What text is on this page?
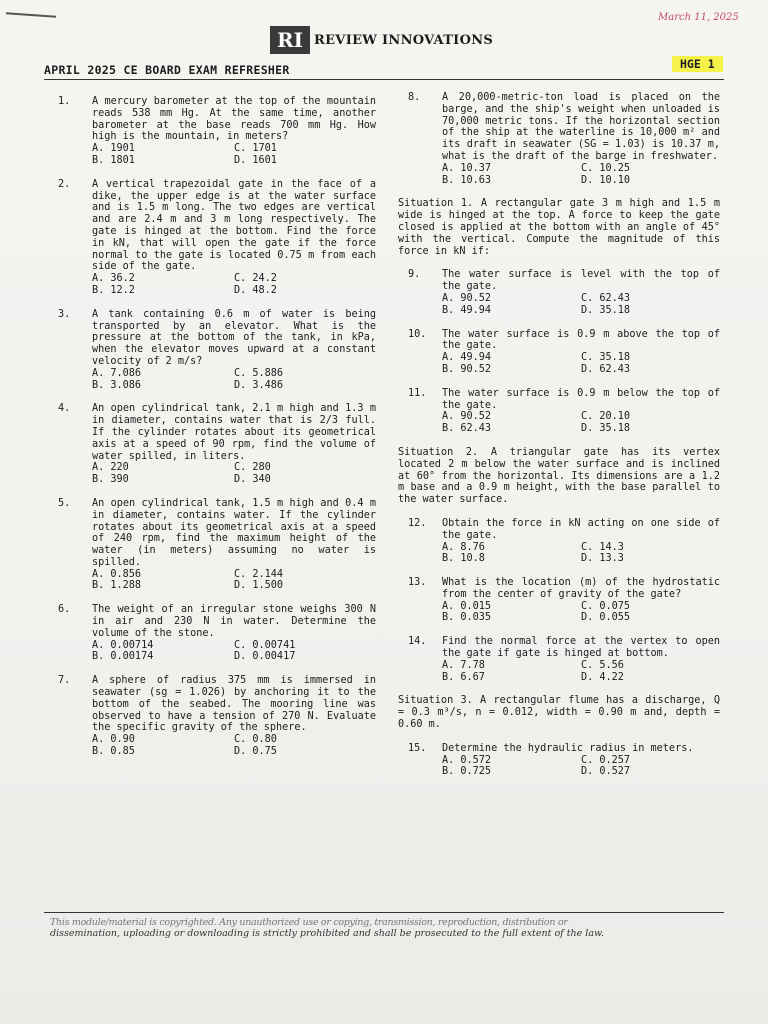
March 11, 2025
RI REVIEW INNOVATIONS
APRIL 2025 CE BOARD EXAM REFRESHER	HGE 1
1.	A mercury barometer at the top of the mountain reads 538 mm Hg. At the same time, another barometer at the base reads 700 mm Hg. How high is the mountain, in meters?
A. 1901	C. 1701
B. 1801	D. 1601
2.	A vertical trapezoidal gate in the face of a dike, the upper edge is at the water surface and is 1.5 m long. The two edges are vertical and are 2.4 m and 3 m long respectively. The gate is hinged at the bottom. Find the force in kN, that will open the gate if the force normal to the gate is located 0.75 m from each side of the gate.
A. 36.2	C. 24.2
B. 12.2	D. 48.2
3.	A tank containing 0.6 m of water is being transported by an elevator. What is the pressure at the bottom of the tank, in kPa, when the elevator moves upward at a constant velocity of 2 m/s?
A. 7.086	C. 5.886
B. 3.086	D. 3.486
4.	An open cylindrical tank, 2.1 m high and 1.3 m in diameter, contains water that is 2/3 full. If the cylinder rotates about its geometrical axis at a speed of 90 rpm, find the volume of water spilled, in liters.
A. 220	C. 280
B. 390	D. 340
5.	An open cylindrical tank, 1.5 m high and 0.4 m in diameter, contains water. If the cylinder rotates about its geometrical axis at a speed of 240 rpm, find the maximum height of the water (in meters) assuming no water is spilled.
A. 0.856	C. 2.144
B. 1.288	D. 1.500
6.	The weight of an irregular stone weighs 300 N in air and 230 N in water. Determine the volume of the stone.
A. 0.00714	C. 0.00741
B. 0.00174	D. 0.00417
7.	A sphere of radius 375 mm is immersed in seawater (sg = 1.026) by anchoring it to the bottom of the seabed. The mooring line was observed to have a tension of 270 N. Evaluate the specific gravity of the sphere.
A. 0.90	C. 0.80
B. 0.85	D. 0.75
8.	A 20,000-metric-ton load is placed on the barge, and the ship's weight when unloaded is 70,000 metric tons. If the horizontal section of the ship at the waterline is 10,000 m² and its draft in seawater (SG = 1.03) is 10.37 m, what is the draft of the barge in freshwater.
A. 10.37	C. 10.25
B. 10.63	D. 10.10
Situation 1. A rectangular gate 3 m high and 1.5 m wide is hinged at the top. A force to keep the gate closed is applied at the bottom with an angle of 45° with the vertical. Compute the magnitude of this force in kN if:
9.	The water surface is level with the top of the gate.
A. 90.52	C. 62.43
B. 49.94	D. 35.18
10.	The water surface is 0.9 m above the top of the gate.
A. 49.94	C. 35.18
B. 90.52	D. 62.43
11.	The water surface is 0.9 m below the top of the gate.
A. 90.52	C. 20.10
B. 62.43	D. 35.18
Situation 2. A triangular gate has its vertex located 2 m below the water surface and is inclined at 60° from the horizontal. Its dimensions are a 1.2 m base and a 0.9 m height, with the base parallel to the water surface.
12.	Obtain the force in kN acting on one side of the gate.
A. 8.76	C. 14.3
B. 10.8	D. 13.3
13.	What is the location (m) of the hydrostatic from the center of gravity of the gate?
A. 0.015	C. 0.075
B. 0.035	D. 0.055
14.	Find the normal force at the vertex to open the gate if gate is hinged at bottom.
A. 7.78	C. 5.56
B. 6.67	D. 4.22
Situation 3. A rectangular flume has a discharge, Q = 0.3 m³/s, n = 0.012, width = 0.90 m and, depth = 0.60 m.
15.	Determine the hydraulic radius in meters.
A. 0.572	C. 0.257
B. 0.725	D. 0.527
This module/material is copyrighted. Any unauthorized use or copying, transmission, reproduction, distribution or
dissemination, uploading or downloading is strictly prohibited and shall be prosecuted to the full extent of the law.
